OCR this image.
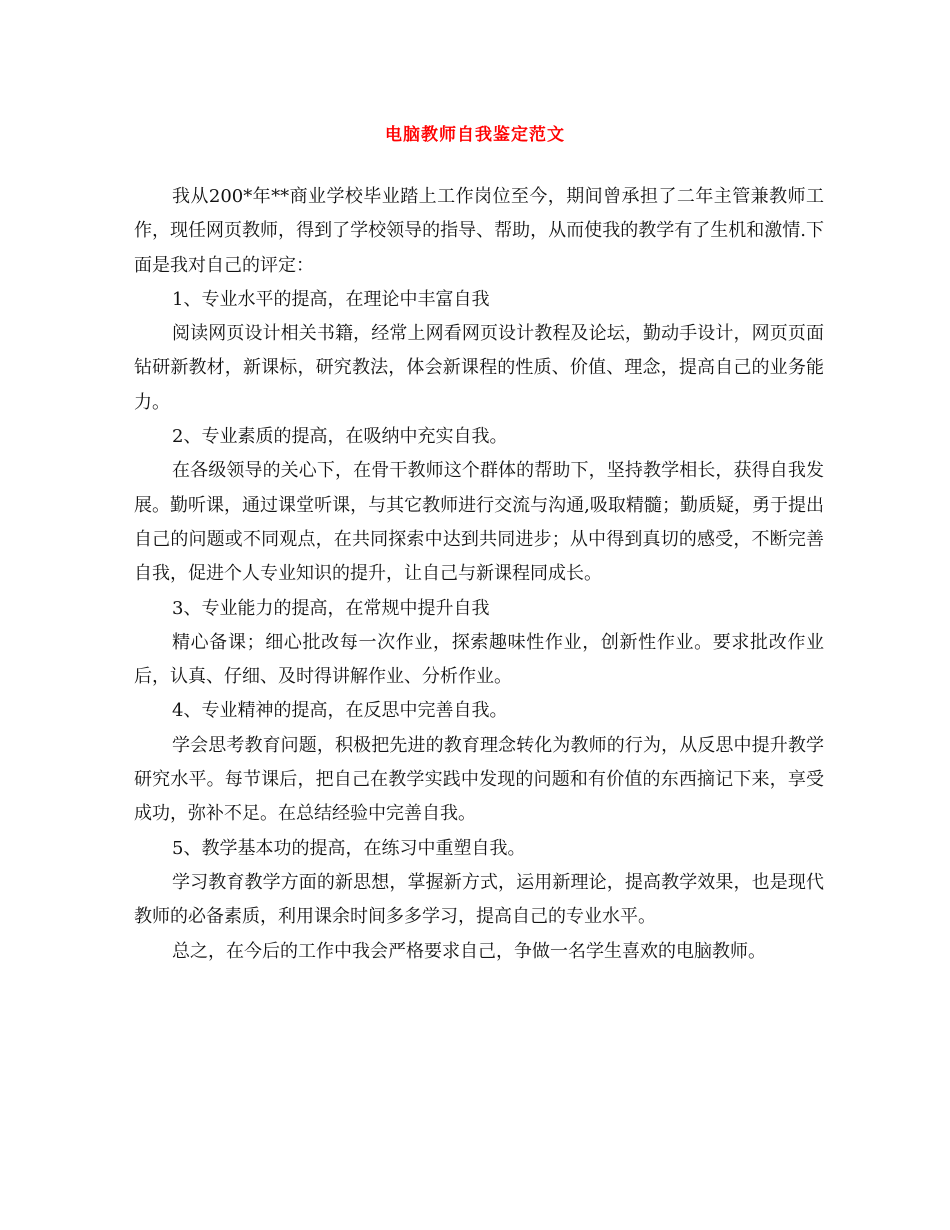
电脑教师自我鉴定范文

我从200*年**商业学校毕业踏上工作岗位至今，期间曾承担了二年主管兼教师工作，现任网页教师，得到了学校领导的指导、帮助，从而使我的教学有了生机和激情.下面是我对自己的评定：

1、专业水平的提高，在理论中丰富自我

阅读网页设计相关书籍，经常上网看网页设计教程及论坛，勤动手设计，网页页面钻研新教材，新课标，研究教法，体会新课程的性质、价值、理念，提高自己的业务能力。

2、专业素质的提高，在吸纳中充实自我。

在各级领导的关心下，在骨干教师这个群体的帮助下，坚持教学相长，获得自我发展。勤听课，通过课堂听课，与其它教师进行交流与沟通,吸取精髓；勤质疑，勇于提出自己的问题或不同观点，在共同探索中达到共同进步；从中得到真切的感受，不断完善自我，促进个人专业知识的提升，让自己与新课程同成长。

3、专业能力的提高，在常规中提升自我

精心备课；细心批改每一次作业，探索趣味性作业，创新性作业。要求批改作业后，认真、仔细、及时得讲解作业、分析作业。

4、专业精神的提高，在反思中完善自我。

学会思考教育问题，积极把先进的教育理念转化为教师的行为，从反思中提升教学研究水平。每节课后，把自己在教学实践中发现的问题和有价值的东西摘记下来，享受成功，弥补不足。在总结经验中完善自我。

5、教学基本功的提高，在练习中重塑自我。

学习教育教学方面的新思想，掌握新方式，运用新理论，提高教学效果，也是现代教师的必备素质，利用课余时间多多学习，提高自己的专业水平。

总之，在今后的工作中我会严格要求自己，争做一名学生喜欢的电脑教师。
